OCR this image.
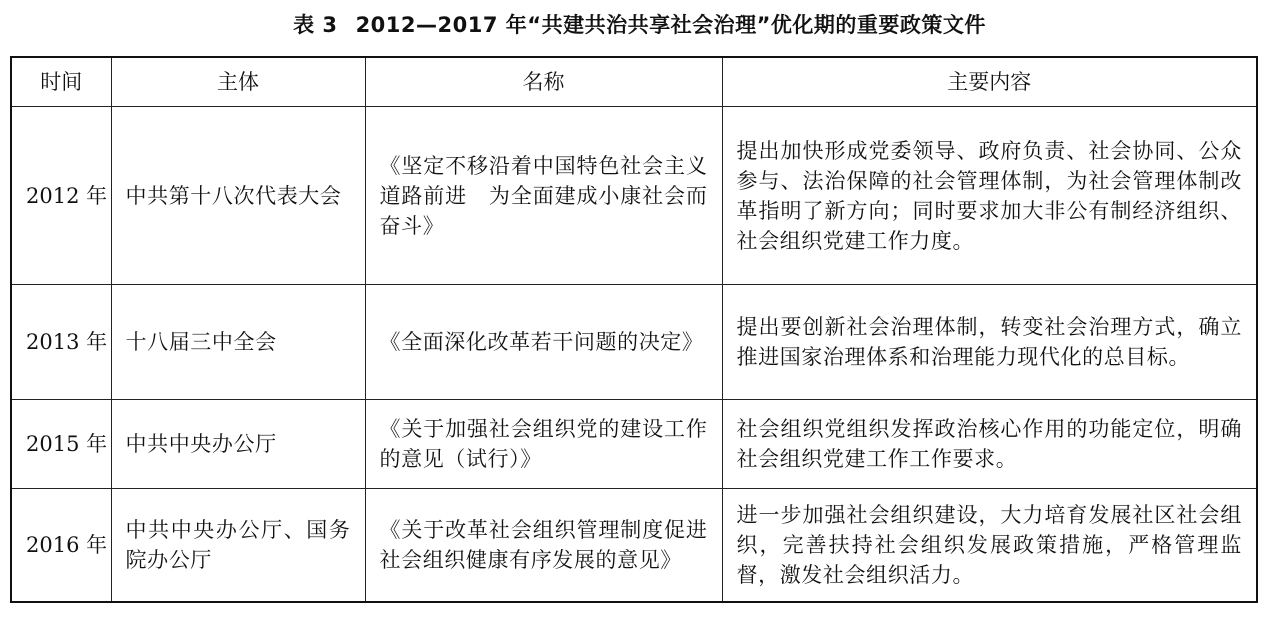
表 3 2012—2017 年“共建共治共享社会治理”优化期的重要政策文件
时间	主体	名称	主要内容
2012 年	中共第十八次代表大会	《坚定不移沿着中国特色社会主义道路前进　为全面建成小康社会而奋斗》	提出加快形成党委领导、政府负责、社会协同、公众参与、法治保障的社会管理体制，为社会管理体制改革指明了新方向；同时要求加大非公有制经济组织、社会组织党建工作力度。
2013 年	十八届三中全会	《全面深化改革若干问题的决定》	提出要创新社会治理体制，转变社会治理方式，确立推进国家治理体系和治理能力现代化的总目标。
2015 年	中共中央办公厅	《关于加强社会组织党的建设工作的意见（试行）》	社会组织党组织发挥政治核心作用的功能定位，明确社会组织党建工作工作要求。
2016 年	中共中央办公厅、国务院办公厅	《关于改革社会组织管理制度促进社会组织健康有序发展的意见》	进一步加强社会组织建设，大力培育发展社区社会组织，完善扶持社会组织发展政策措施，严格管理监督，激发社会组织活力。
